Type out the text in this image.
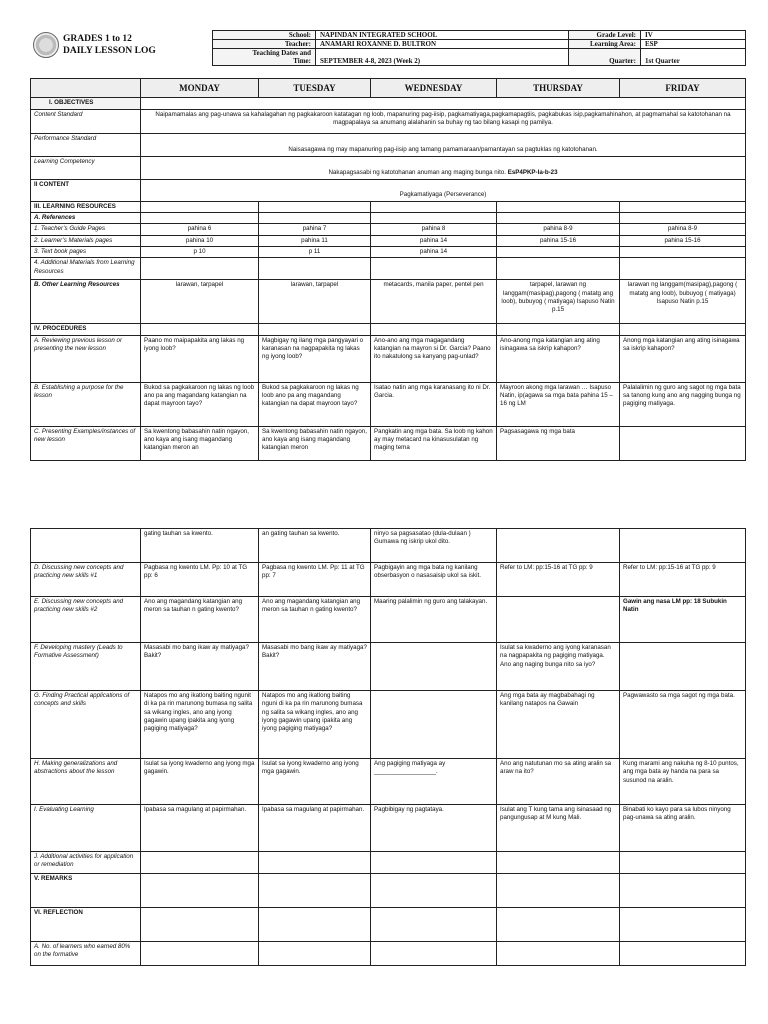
GRADES 1 to 12
DAILY LESSON LOG
School:	NAPINDAN INTEGRATED SCHOOL	Grade Level:	IV
Teacher:	ANAMARI ROXANNE D. BULTRON	Learning Area:	ESP

Teaching Dates and
Time:	SEPTEMBER 4-8, 2023 (Week 2)	Quarter:	1st Quarter
	MONDAY	TUESDAY	WEDNESDAY	THURSDAY	FRIDAY
I. OBJECTIVES					
Content Standard	Naipamamalas ang pag-unawa sa kahalagahan ng pagkakaroon katatagan ng loob, mapanuring pag-iisip, pagkamatiyaga,pagkamapagtiis, pagkabukas isip,pagkamahinahon, at pagmamahal sa katotohanan na magpapalaya sa anumang alalahanin sa buhay ng tao bilang kasapi ng pamilya.				
Performance Standard	Naisasagawa ng may mapanuring pag-iisip ang tamang pamamaraan/pamantayan sa pagtuklas ng katotohanan.				
Learning Competency	Nakapagsasabi ng katotohanan anuman ang maging bunga nito. EsP4PKP-Ia-b-23				
II CONTENT	Pagkamatiyaga (Perseverance)				
III. LEARNING RESOURCES					
A. References					
1. Teacher’s Guide Pages	pahina 6	pahina 7	pahina 8	pahina 8-9	pahina 8-9
2. Learner’s Materials pages	pahina 10	pahina 11	pahina 14	pahina 15-16	pahina 15-16
3. Text book pages	p 10	p 11	pahina 14		
4. Additional Materials from Learning Resources					
B. Other Learning Resources	larawan, tarpapel	larawan, tarpapel	metacards, manila paper, pentel pen	tarpapel, larawan ng langgam(masipag),pagong ( matatg ang loob), bubuyog ( matiyaga) Isapuso Natin p.15	larawan ng langgam(masipag),pagong ( matatg ang loob), bubuyog ( matiyaga) Isapuso Natin p.15
IV. PROCEDURES					
A. Reviewing previous lesson or presenting the new lesson	Paano mo maipapakita ang lakas ng iyong loob?	Magbigay ng ilang mga pangyayari o karanasan na nagpapakita ng lakas ng iyong loob?	Ano-ano ang mga magagandang katangian na mayron si Dr. Garcia? Paano ito nakatulong sa kanyang pag-unlad?	Ano-anong mga katangian ang ating isinagawa sa iskrip kahapon?	Anong mga katangian ang ating isinagawa sa iskrip kahapon?
B. Establishing a purpose for the lesson	Bukod sa pagkakaroon ng lakas ng loob ano pa ang magandang katangian na dapat mayroon tayo?	Bukod sa pagkakaroon ng lakas ng loob ano pa ang magandang katangian na dapat mayroon tayo?	Isatao natin ang mga karanasang ito ni Dr. Garcia.	Mayroon akong mga larawan … Isapuso Natin, ip(agawa sa mga bata pahina 15 – 16 ng LM	Palalalimin ng guro ang sagot ng mga bata sa tanong kung ano ang nagging bunga ng pagiging matiyaga.
C. Presenting Examples/instances of new lesson	Sa kwentong babasahin natin ngayon, ano kaya ang isang magandang katangian meron an	Sa kwentong babasahin natin ngayon, ano kaya ang isang magandang katangian meron	Pangkatin ang mga bata. Sa loob ng kahon ay may metacard na kinasusulatan ng maging tema	Pagsasagawa ng mga bata	
	gating tauhan sa kwento.	an gating tauhan sa kwento.	ninyo sa pagsasatao (dula-dulaan ) Gumawa ng iskrip ukol dito.		
D. Discussing new concepts and practicing new skills #1	Pagbasa ng kwento LM. Pp: 10 at TG pp: 6	Pagbasa ng kwento LM. Pp: 11 at TG pp: 7	Pagbigayin ang mga bata ng kanilang obserbasyon o nasasaisip ukol sa iskit.	Refer to LM: pp:15-16 at TG pp: 9	Refer to LM: pp:15-16 at TG pp: 9
E. Discussing new concepts and practicing new skills #2	Ano ang magandang katangian ang meron sa tauhan n gating kwento?	Ano ang magandang katangian ang meron sa tauhan n gating kwento?	Maaring palalimin ng guro ang talakayan.		Gawin ang nasa LM pp: 18 Subukin Natin
F. Developing mastery (Leads to Formative Assessment)	Masasabi mo bang ikaw ay matiyaga?Bakit?	Masasabi mo bang ikaw ay matiyaga?Bakit?		Isulat sa kwaderno ang iyong karanasan na nagpapakita ng pagiging matiyaga. Ano ang naging bunga nito sa iyo?	
G. Finding Practical applications of concepts and skills	Natapos mo ang ikatlong baiting ngunit di ka pa rin marunong bumasa ng salita sa wikang ingles, ano ang iyong gagawin upang ipakita ang iyong pagiging matiyaga?	Natapos mo ang ikatlong baiting nguni di ka pa rin marunong bumasa ng salita sa wikang ingles, ano ang iyong gagawin upang ipakita ang iyong pagiging matiyaga?		Ang mga bata ay magbabahagi ng kanilang natapos na Gawain	Pagwawasto sa mga sagot ng mga bata.
H. Making generalizations and abstractions about the lesson	Isulat sa iyong kwaderno ang iyong mga gagawin.	Isulat sa iyong kwaderno ang iyong mga gagawin.	Ang pagiging matiyaga ay __________________.	Ano ang natutunan mo sa ating aralin sa araw na ito?	Kung marami ang nakuha ng 8-10 puntos, ang mga bata ay handa na para sa susunod na aralin.
I. Evaluating Learning	Ipabasa sa magulang at papirmahan.	Ipabasa sa magulang at papirmahan.	Pagbibigay ng pagtataya.	Isulat ang T kung tama ang isinasaad ng pangungusap at M kung Mali.	Binabati ko kayo para sa lubos ninyong pag-unawa sa ating aralin.
J. Additional activities for application or remediation					
V. REMARKS					
VI. REFLECTION					
A. No. of learners who earned 80% on the formative					
